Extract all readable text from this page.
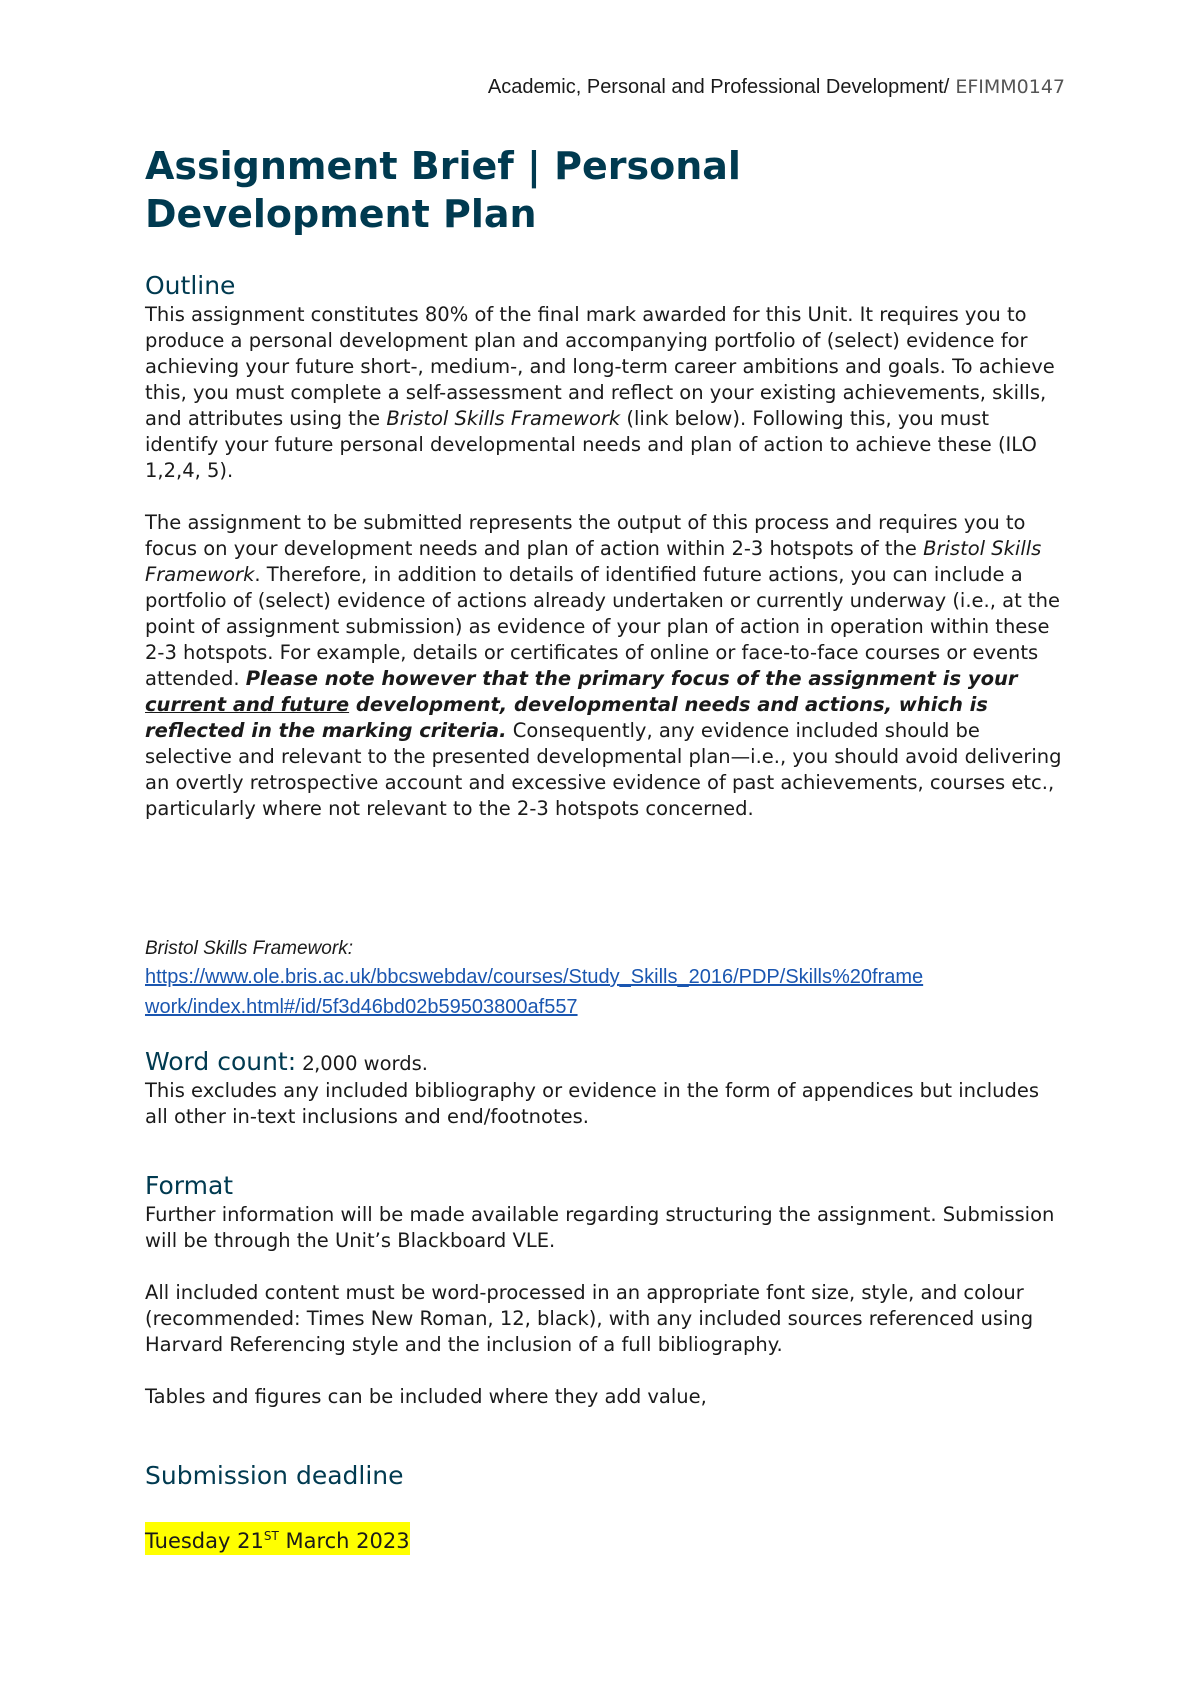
Academic, Personal and Professional Development/ EFIMM0147
Assignment Brief | Personal Development Plan
Outline

This assignment constitutes 80% of the final mark awarded for this Unit. It requires you to produce a personal development plan and accompanying portfolio of (select) evidence for achieving your future short-, medium-, and long-term career ambitions and goals. To achieve this, you must complete a self-assessment and reflect on your existing achievements, skills, and attributes using the Bristol Skills Framework (link below). Following this, you must identify your future personal developmental needs and plan of action to achieve these (ILO 1,2,4, 5).

The assignment to be submitted represents the output of this process and requires you to focus on your development needs and plan of action within 2-3 hotspots of the Bristol Skills Framework. Therefore, in addition to details of identified future actions, you can include a portfolio of (select) evidence of actions already undertaken or currently underway (i.e., at the point of assignment submission) as evidence of your plan of action in operation within these 2-3 hotspots. For example, details or certificates of online or face-to-face courses or events attended. Please note however that the primary focus of the assignment is your current and future development, developmental needs and actions, which is reflected in the marking criteria. Consequently, any evidence included should be selective and relevant to the presented developmental plan—i.e., you should avoid delivering an overtly retrospective account and excessive evidence of past achievements, courses etc., particularly where not relevant to the 2-3 hotspots concerned.

Bristol Skills Framework:

https://www.ole.bris.ac.uk/bbcswebdav/courses/Study_Skills_2016/PDP/Skills%20framework/index.html#/id/5f3d46bd02b59503800af557

Word count: 2,000 words.

This excludes any included bibliography or evidence in the form of appendices but includes all other in-text inclusions and end/footnotes.

Format

Further information will be made available regarding structuring the assignment. Submission will be through the Unit’s Blackboard VLE.

All included content must be word-processed in an appropriate font size, style, and colour (recommended: Times New Roman, 12, black), with any included sources referenced using Harvard Referencing style and the inclusion of a full bibliography.

Tables and figures can be included where they add value,

Submission deadline
Tuesday 21ST March 2023
